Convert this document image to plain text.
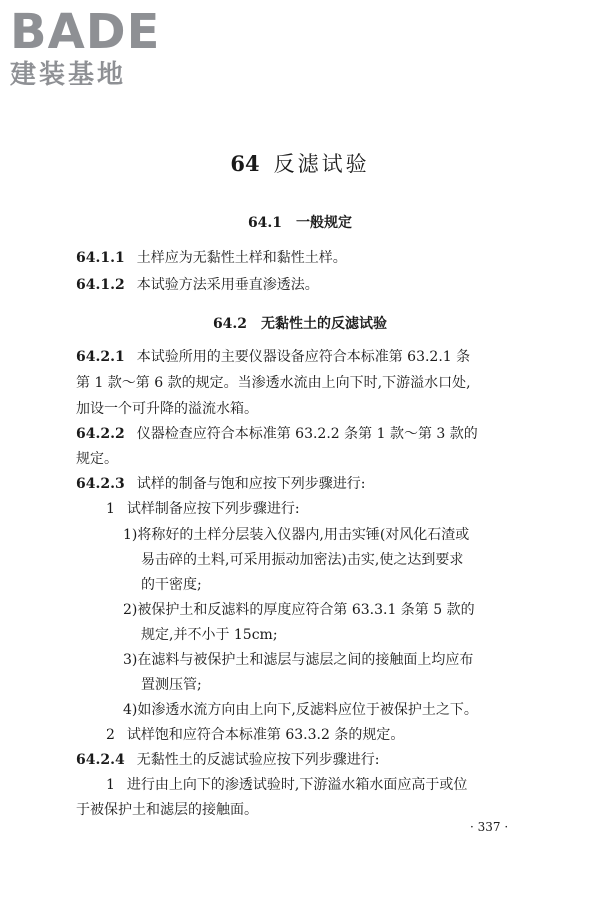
BADE
建装基地
64 反滤试验
64.1 一般规定
64.1.1 土样应为无黏性土样和黏性土样。
64.1.2 本试验方法采用垂直渗透法。
64.2 无黏性土的反滤试验
64.2.1 本试验所用的主要仪器设备应符合本标准第 63.2.1 条
第 1 款～第 6 款的规定。当渗透水流由上向下时,下游溢水口处,
加设一个可升降的溢流水箱。
64.2.2 仪器检查应符合本标准第 63.2.2 条第 1 款～第 3 款的
规定。
64.2.3 试样的制备与饱和应按下列步骤进行:
1 试样制备应按下列步骤进行:
1)将称好的土样分层装入仪器内,用击实锤(对风化石渣或
易击碎的土料,可采用振动加密法)击实,使之达到要求
的干密度;
2)被保护土和反滤料的厚度应符合第 63.3.1 条第 5 款的
规定,并不小于 15cm;
3)在滤料与被保护土和滤层与滤层之间的接触面上均应布
置测压管;
4)如渗透水流方向由上向下,反滤料应位于被保护土之下。
2 试样饱和应符合本标准第 63.3.2 条的规定。
64.2.4 无黏性土的反滤试验应按下列步骤进行:
1 进行由上向下的渗透试验时,下游溢水箱水面应高于或位
于被保护土和滤层的接触面。
· 337 ·
